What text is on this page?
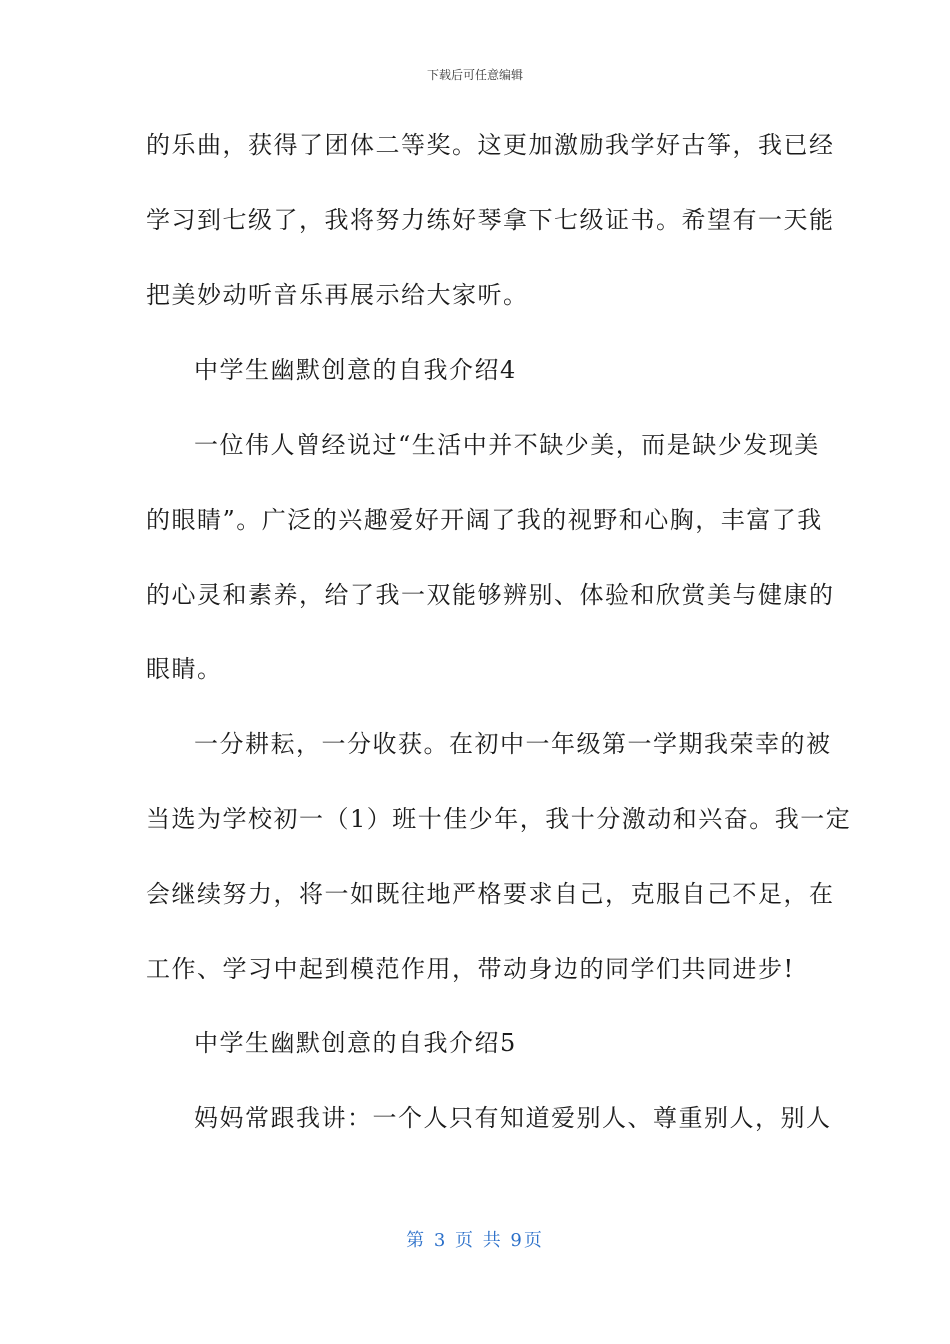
下载后可任意编辑
的乐曲，获得了团体二等奖。这更加激励我学好古筝，我已经
学习到七级了，我将努力练好琴拿下七级证书。希望有一天能
把美妙动听音乐再展示给大家听。
中学生幽默创意的自我介绍4
一位伟人曾经说过“生活中并不缺少美，而是缺少发现美
的眼睛”。广泛的兴趣爱好开阔了我的视野和心胸，丰富了我
的心灵和素养，给了我一双能够辨别、体验和欣赏美与健康的
眼睛。
一分耕耘，一分收获。在初中一年级第一学期我荣幸的被
当选为学校初一（1）班十佳少年，我十分激动和兴奋。我一定
会继续努力，将一如既往地严格要求自己，克服自己不足，在
工作、学习中起到模范作用，带动身边的同学们共同进步!
中学生幽默创意的自我介绍5
妈妈常跟我讲：一个人只有知道爱别人、尊重别人，别人
第 3 页 共 9页
